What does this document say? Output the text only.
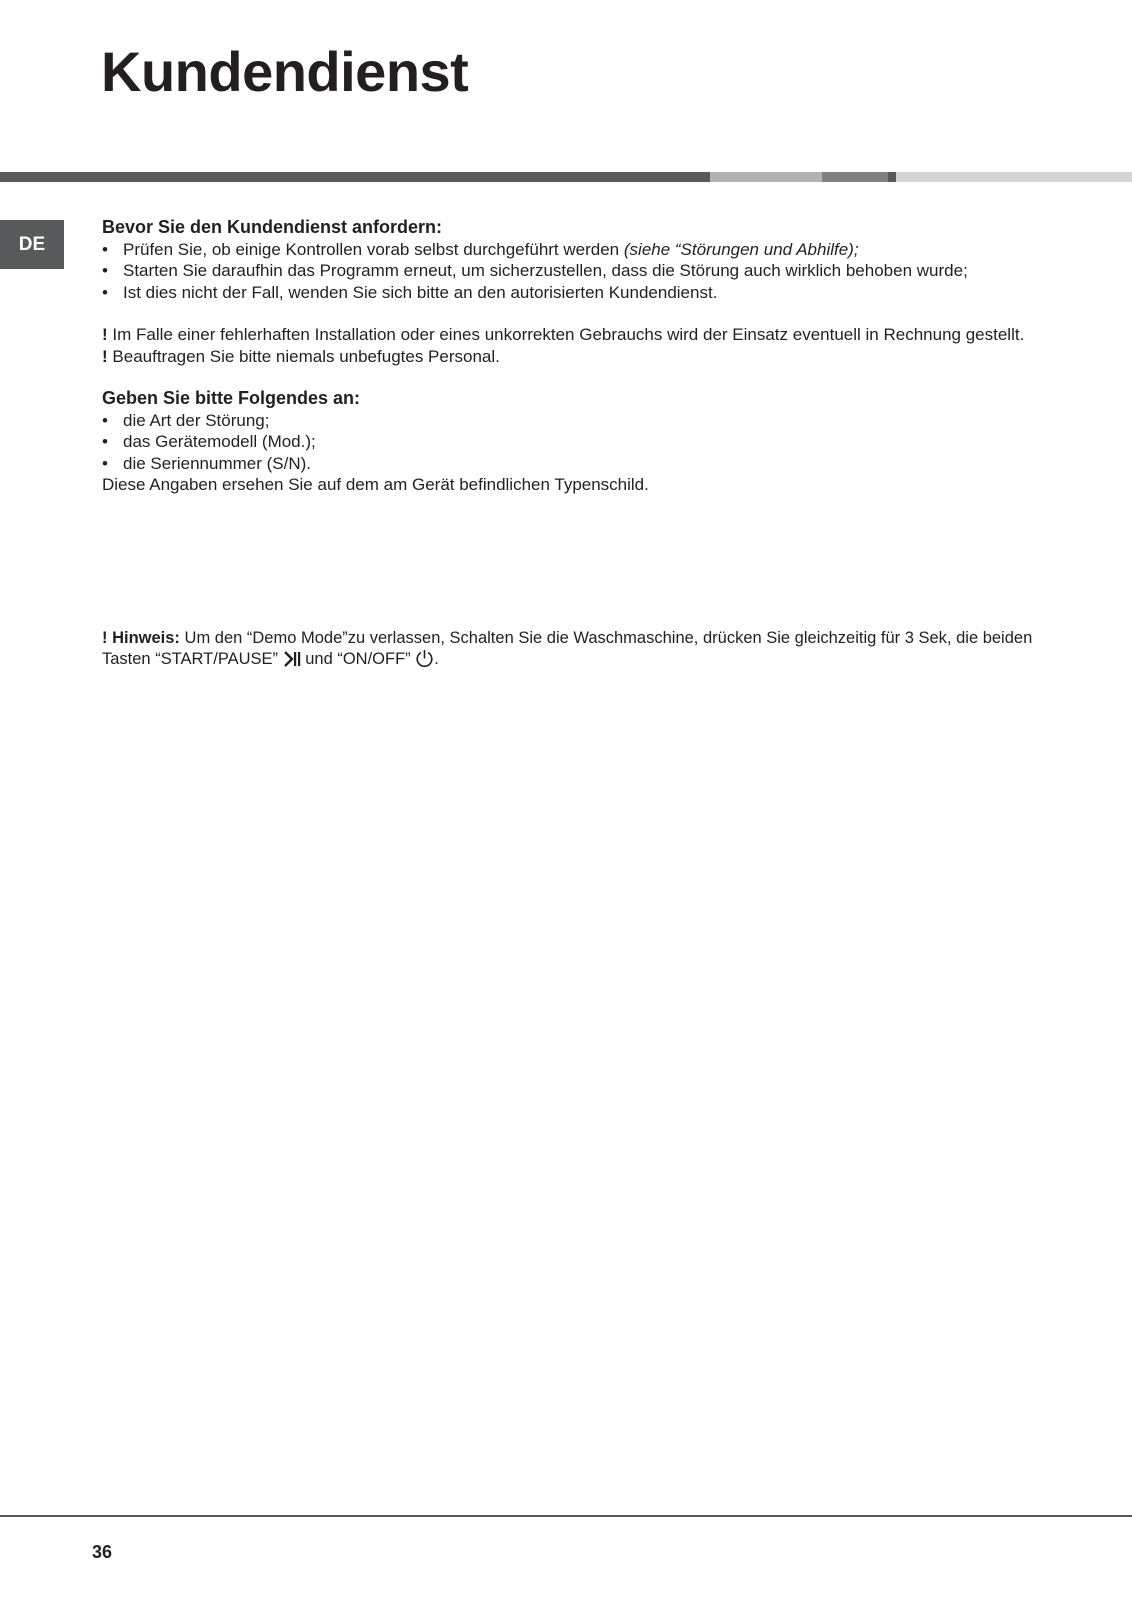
Kundendienst
DE

Bevor Sie den Kundendienst anfordern:

• Prüfen Sie, ob einige Kontrollen vorab selbst durchgeführt werden (siehe “Störungen und Abhilfe);
• Starten Sie daraufhin das Programm erneut, um sicherzustellen, dass die Störung auch wirklich behoben wurde;
• Ist dies nicht der Fall, wenden Sie sich bitte an den autorisierten Kundendienst.
! Im Falle einer fehlerhaften Installation oder eines unkorrekten Gebrauchs wird der Einsatz eventuell in Rechnung gestellt.
! Beauftragen Sie bitte niemals unbefugtes Personal.

Geben Sie bitte Folgendes an:

• die Art der Störung;
• das Gerätemodell (Mod.);
• die Seriennummer (S/N).
Diese Angaben ersehen Sie auf dem am Gerät befindlichen Typenschild.
! Hinweis: Um den “Demo Mode”zu verlassen, Schalten Sie die Waschmaschine, drücken Sie gleichzeitig für 3 Sek, die beiden Tasten “START/PAUSE”  und “ON/OFF” .
36
